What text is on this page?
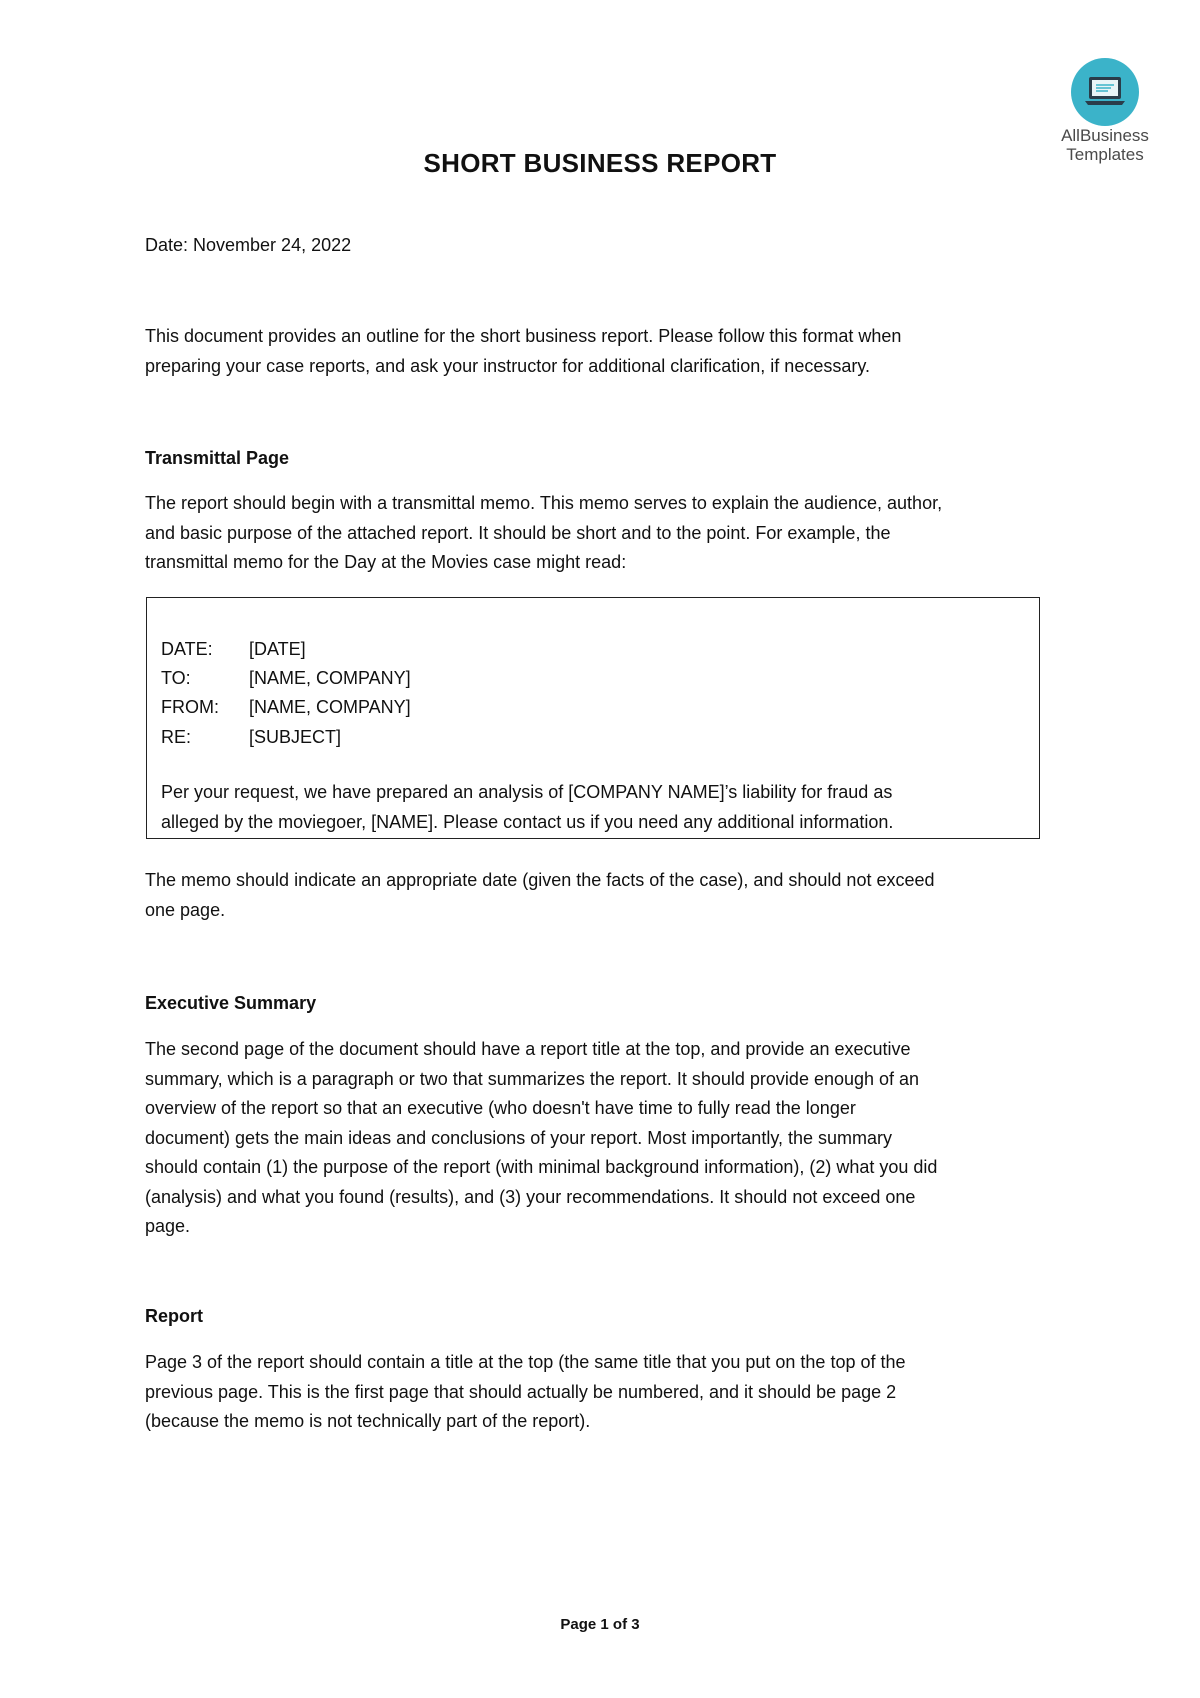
AllBusiness
Templates
SHORT BUSINESS REPORT
Date: November 24, 2022
This document provides an outline for the short business report. Please follow this format when
preparing your case reports, and ask your instructor for additional clarification, if necessary.
Transmittal Page
The report should begin with a transmittal memo. This memo serves to explain the audience, author,
and basic purpose of the attached report. It should be short and to the point. For example, the
transmittal memo for the Day at the Movies case might read:
DATE: [DATE]
TO:	[NAME, COMPANY]
FROM: [NAME, COMPANY]
RE:	[SUBJECT]
Per your request, we have prepared an analysis of [COMPANY NAME]’s liability for fraud as
alleged by the moviegoer, [NAME]. Please contact us if you need any additional information.
The memo should indicate an appropriate date (given the facts of the case), and should not exceed
one page.
Executive Summary
The second page of the document should have a report title at the top, and provide an executive
summary, which is a paragraph or two that summarizes the report. It should provide enough of an
overview of the report so that an executive (who doesn't have time to fully read the longer
document) gets the main ideas and conclusions of your report. Most importantly, the summary
should contain (1) the purpose of the report (with minimal background information), (2) what you did
(analysis) and what you found (results), and (3) your recommendations. It should not exceed one
page.
Report
Page 3 of the report should contain a title at the top (the same title that you put on the top of the
previous page. This is the first page that should actually be numbered, and it should be page 2
(because the memo is not technically part of the report).
Page 1 of 3
